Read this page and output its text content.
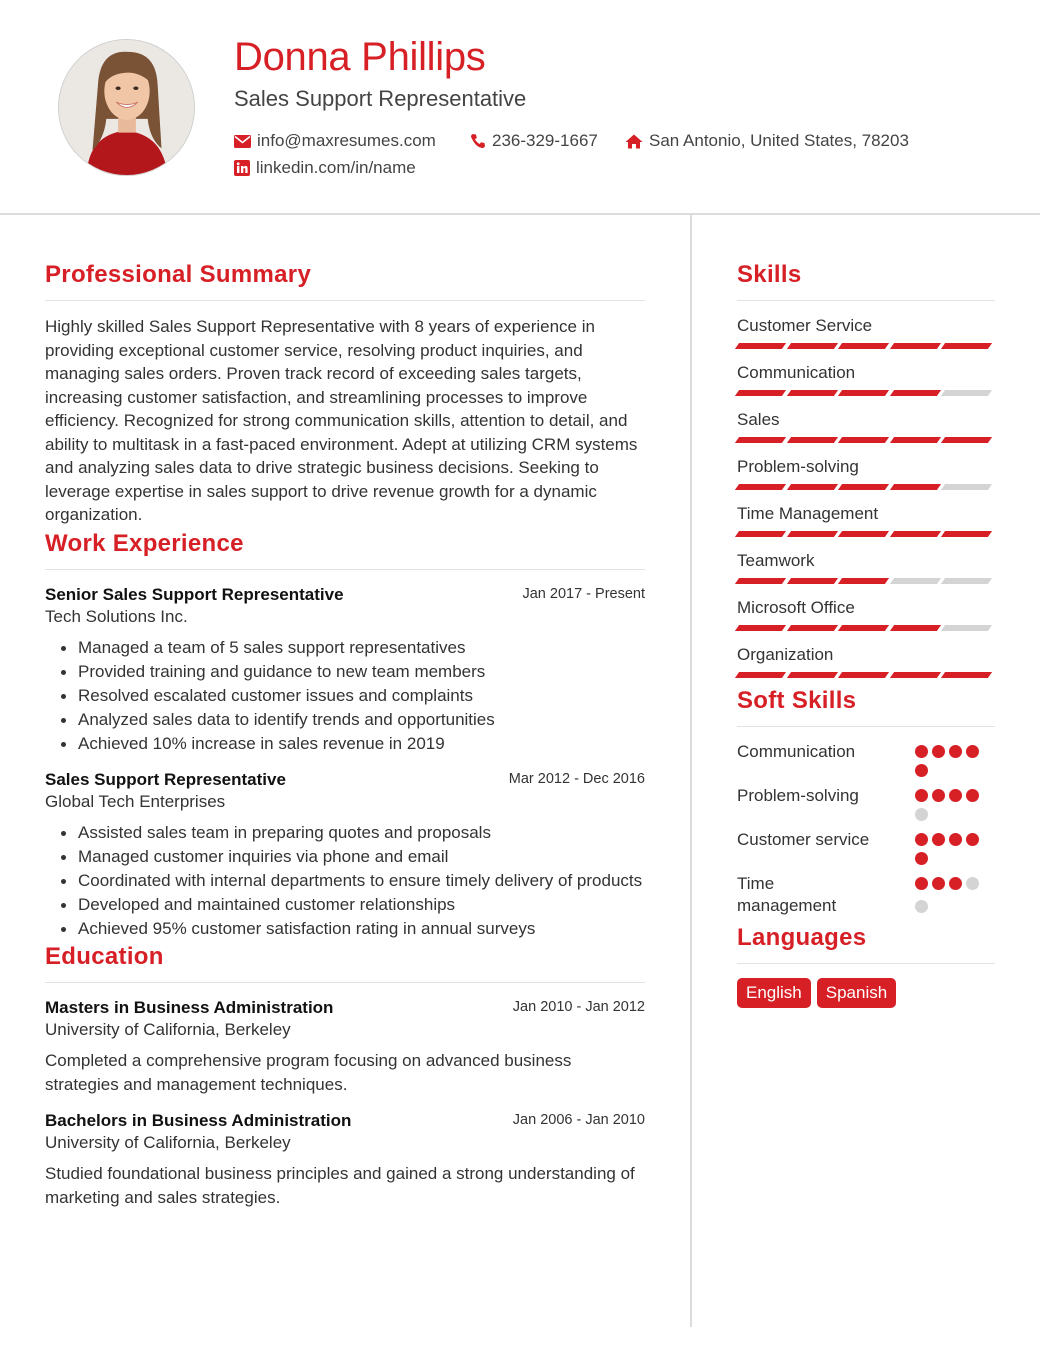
Donna Phillips
Sales Support Representative
info@maxresumes.com	236-329-1667	San Antonio, United States, 78203
linkedin.com/in/name
Professional Summary

Highly skilled Sales Support Representative with 8 years of experience in providing exceptional customer service, resolving product inquiries, and managing sales orders. Proven track record of exceeding sales targets, increasing customer satisfaction, and streamlining processes to improve efficiency. Recognized for strong communication skills, attention to detail, and ability to multitask in a fast-paced environment. Adept at utilizing CRM systems and analyzing sales data to drive strategic business decisions. Seeking to leverage expertise in sales support to drive revenue growth for a dynamic organization.

Work Experience
Senior Sales Support Representative	Jan 2017 - Present
Tech Solutions Inc.
Managed a team of 5 sales support representatives
Provided training and guidance to new team members
Resolved escalated customer issues and complaints
Analyzed sales data to identify trends and opportunities
Achieved 10% increase in sales revenue in 2019
Sales Support Representative	Mar 2012 - Dec 2016
Global Tech Enterprises
Assisted sales team in preparing quotes and proposals
Managed customer inquiries via phone and email
Coordinated with internal departments to ensure timely delivery of products
Developed and maintained customer relationships
Achieved 95% customer satisfaction rating in annual surveys
Education
Masters in Business Administration	Jan 2010 - Jan 2012
University of California, Berkeley

Completed a comprehensive program focusing on advanced business strategies and management techniques.

Bachelors in Business Administration	Jan 2006 - Jan 2010
University of California, Berkeley

Studied foundational business principles and gained a strong understanding of marketing and sales strategies.

Skills
Customer Service
Communication
Sales
Problem-solving
Time Management
Teamwork
Microsoft Office
Organization
Soft Skills
Communication
Problem-solving
Customer service
Time management
Languages
English	Spanish
